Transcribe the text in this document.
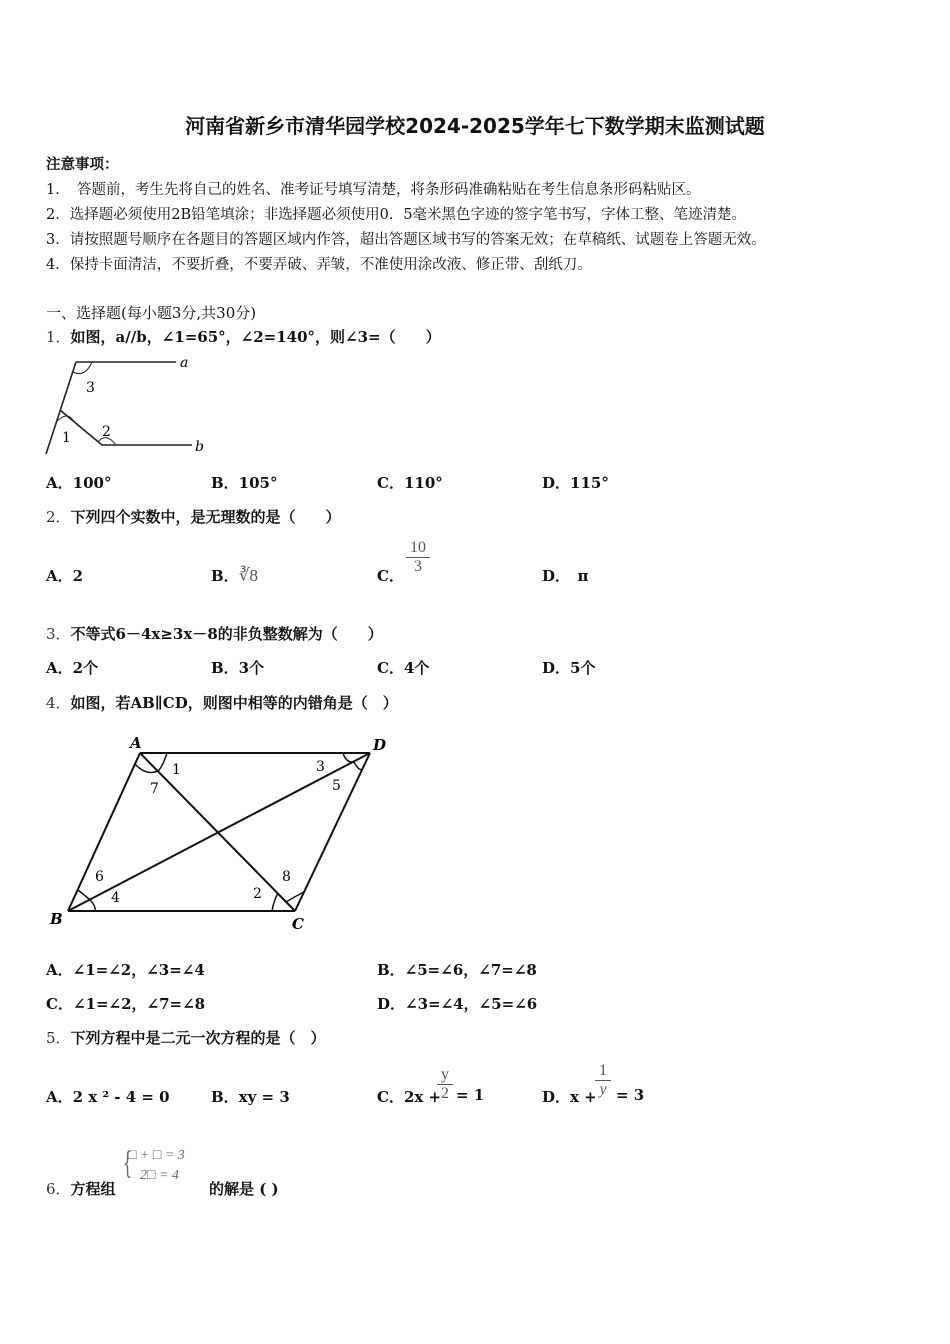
河南省新乡市清华园学校2024-2025学年七下数学期末监测试题
注意事项：
1．　答题前，考生先将自己的姓名、准考证号填写清楚，将条形码准确粘贴在考生信息条形码粘贴区。
2．选择题必须使用2B铅笔填涂；非选择题必须使用0．5毫米黑色字迹的签字笔书写，字体工整、笔迹清楚。
3．请按照题号顺序在各题目的答题区域内作答，超出答题区域书写的答案无效；在草稿纸、试题卷上答题无效。
4．保持卡面清洁，不要折叠，不要弄破、弄皱，不准使用涂改液、修正带、刮纸刀。
一、选择题(每小题3分,共30分)
1．如图，a//b，∠1=65°，∠2=140°，则∠3=（　　）
a
b
1 2
3
A．100°	B．105°	C．110°	D．115°
2．下列四个实数中，是无理数的是（　　）
A．2	B．∛8	C．
10
3
D．　π
3．不等式6－4x≥3x－8的非负整数解为（　　）
A．2个	B．3个	C．4个	D．5个
4．如图，若AB∥CD，则图中相等的内错角是（　）
A
B	C
D
1
2
3
4
5
6
7
8
A．∠1=∠2，∠3=∠4	B．∠5=∠6，∠7=∠8
C．∠1=∠2，∠7=∠8	D．∠3=∠4，∠5=∠6
5．下列方程中是二元一次方程的是（　）
A．2 x ² - 4 = 0	B．xy = 3	C．2x +
y
2 = 1	D．x +
1
y = 3
6．方程组
{
□ + □ = 3
2□ = 4
的解是 ( )
